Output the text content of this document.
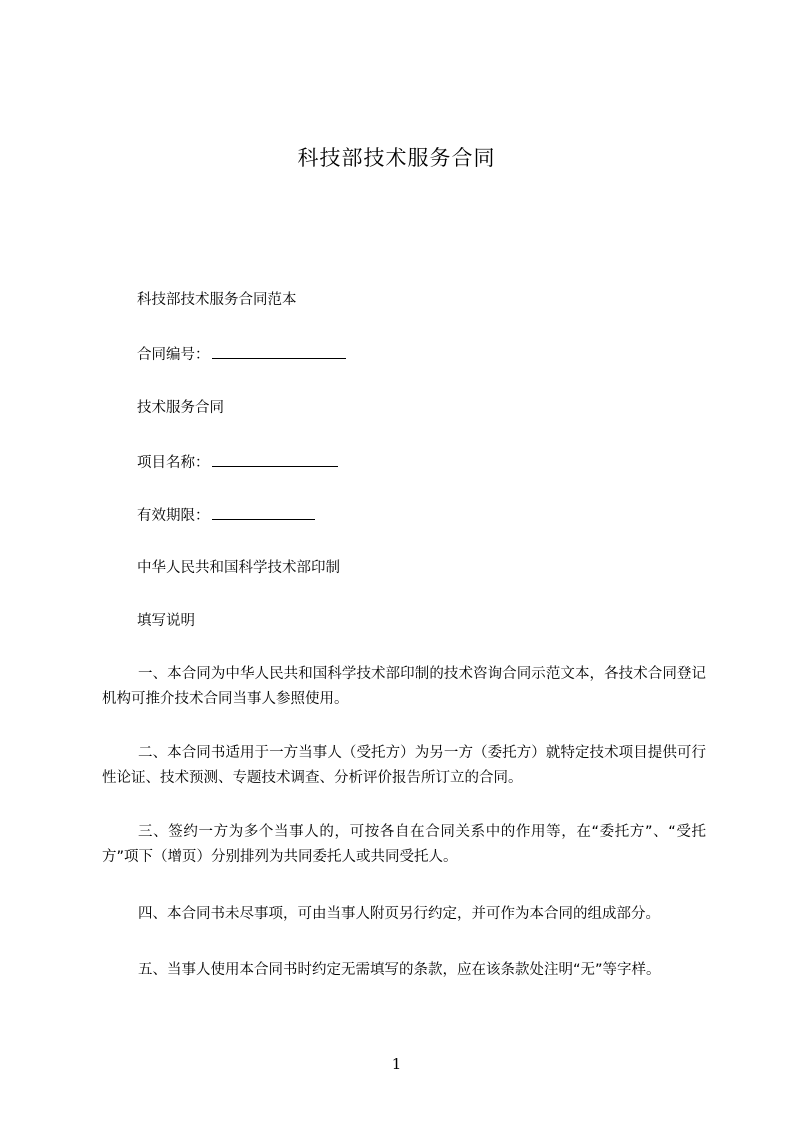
科技部技术服务合同
科技部技术服务合同范本
合同编号：
技术服务合同
项目名称：
有效期限：
中华人民共和国科学技术部印制
填写说明
一、本合同为中华人民共和国科学技术部印制的技术咨询合同示范文本，各技术合同登记机构可推介技术合同当事人参照使用。
二、本合同书适用于一方当事人（受托方）为另一方（委托方）就特定技术项目提供可行性论证、技术预测、专题技术调查、分析评价报告所订立的合同。
三、签约一方为多个当事人的，可按各自在合同关系中的作用等，在“委托方”、“受托方”项下（增页）分别排列为共同委托人或共同受托人。
四、本合同书未尽事项，可由当事人附页另行约定，并可作为本合同的组成部分。
五、当事人使用本合同书时约定无需填写的条款，应在该条款处注明“无”等字样。
1
